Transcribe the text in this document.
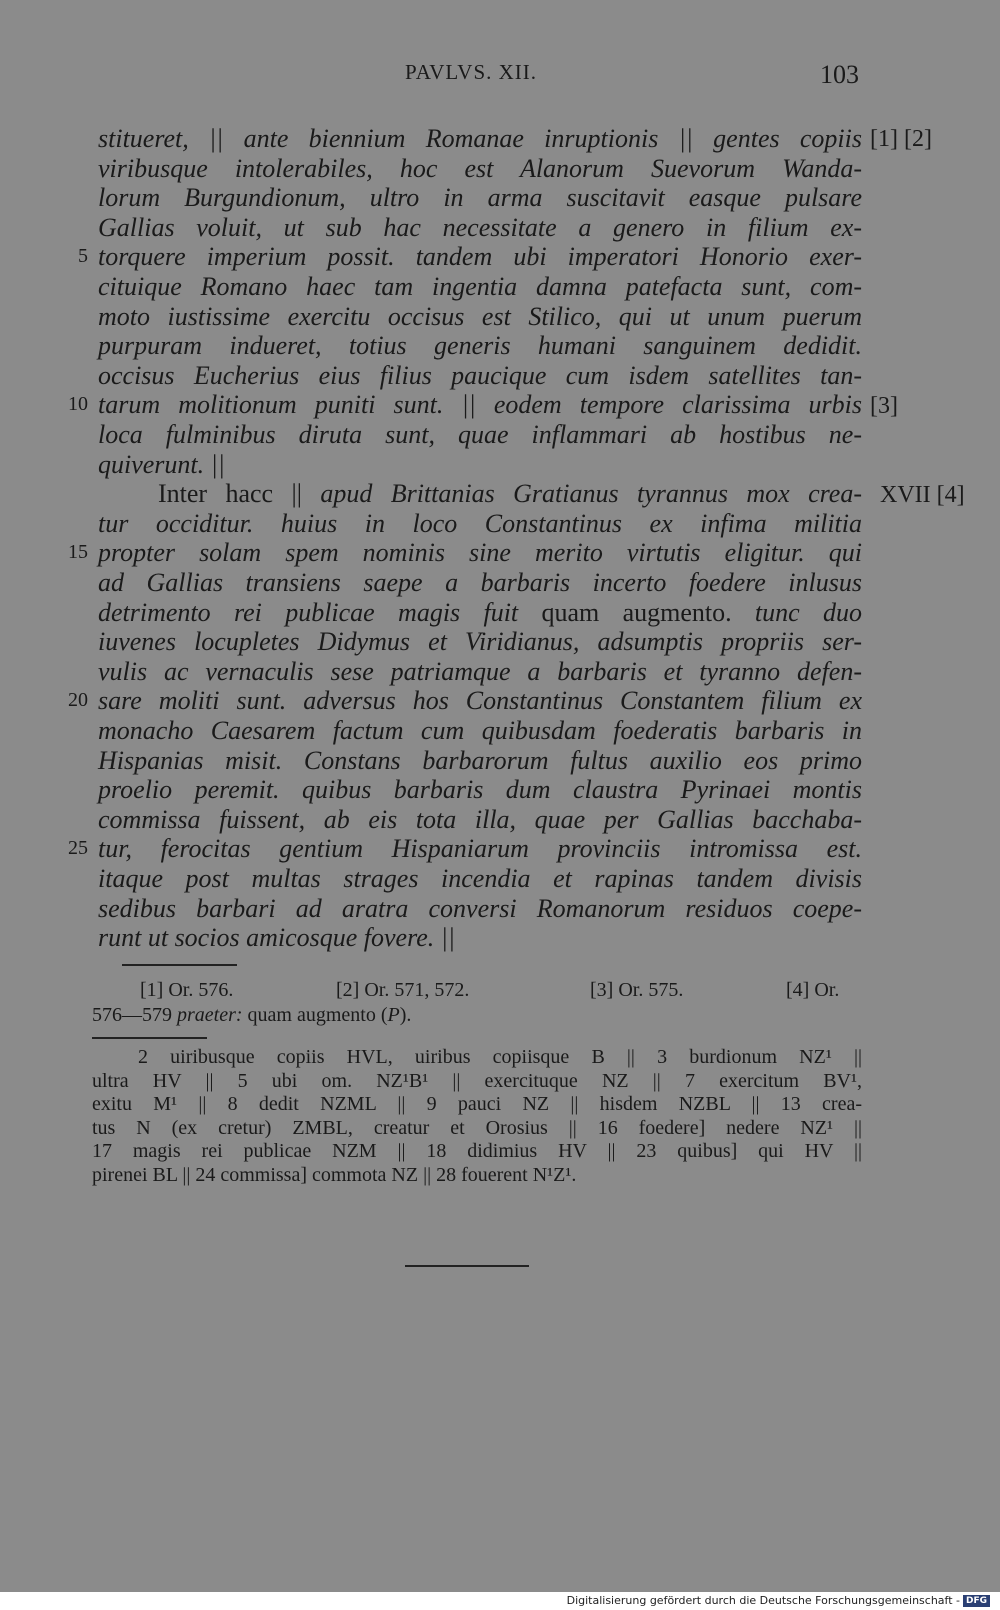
PAVLVS. XII.	103
stitueret, || ante biennium Romanae inruptionis || gentes copiis
viribusque intolerabiles, hoc est Alanorum Suevorum Wanda-
lorum Burgundionum, ultro in arma suscitavit easque pulsare
Gallias voluit, ut sub hac necessitate a genero in filium ex-
torquere imperium possit. tandem ubi imperatori Honorio exer-
cituique Romano haec tam ingentia damna patefacta sunt, com-
moto iustissime exercitu occisus est Stilico, qui ut unum puerum
purpuram indueret, totius generis humani sanguinem dedidit.
occisus Eucherius eius filius paucique cum isdem satellites tan-
tarum molitionum puniti sunt. || eodem tempore clarissima urbis
loca fulminibus diruta sunt, quae inflammari ab hostibus ne-
quiverunt. ||
Inter hacc || apud Brittanias Gratianus tyrannus mox crea-
tur occiditur. huius in loco Constantinus ex infima militia
propter solam spem nominis sine merito virtutis eligitur. qui
ad Gallias transiens saepe a barbaris incerto foedere inlusus
detrimento rei publicae magis fuit quam augmento. tunc duo
iuvenes locupletes Didymus et Viridianus, adsumptis propriis ser-
vulis ac vernaculis sese patriamque a barbaris et tyranno defen-
sare moliti sunt. adversus hos Constantinus Constantem filium ex
monacho Caesarem factum cum quibusdam foederatis barbaris in
Hispanias misit. Constans barbarorum fultus auxilio eos primo
proelio peremit. quibus barbaris dum claustra Pyrinaei montis
commissa fuissent, ab eis tota illa, quae per Gallias bacchaba-
tur, ferocitas gentium Hispaniarum provinciis intromissa est.
itaque post multas strages incendia et rapinas tandem divisis
sedibus barbari ad aratra conversi Romanorum residuos coepe-
runt ut socios amicosque fovere. ||
5
10
15
20
25
[1] [2]
[3]
XVII [4]
[1] Or. 576.	[2] Or. 571, 572.	[3] Or. 575.	[4] Or.
576—579 praeter: quam augmento (P).
2 uiribusque copiis HVL, uiribus copiisque B || 3 burdionum NZ¹ ||
ultra HV || 5 ubi om. NZ¹B¹ || exercituque NZ || 7 exercitum BV¹,
exitu M¹ || 8 dedit NZML || 9 pauci NZ || hisdem NZBL || 13 crea-
tus N (ex cretur) ZMBL, creatur et Orosius || 16 foedere] nedere NZ¹ ||
17 magis rei publicae NZM || 18 didimius HV || 23 quibus] qui HV ||
pirenei BL || 24 commissa] commota NZ || 28 fouerent N¹Z¹.
Digitalisierung gefördert durch die Deutsche Forschungsgemeinschaft - DFG
